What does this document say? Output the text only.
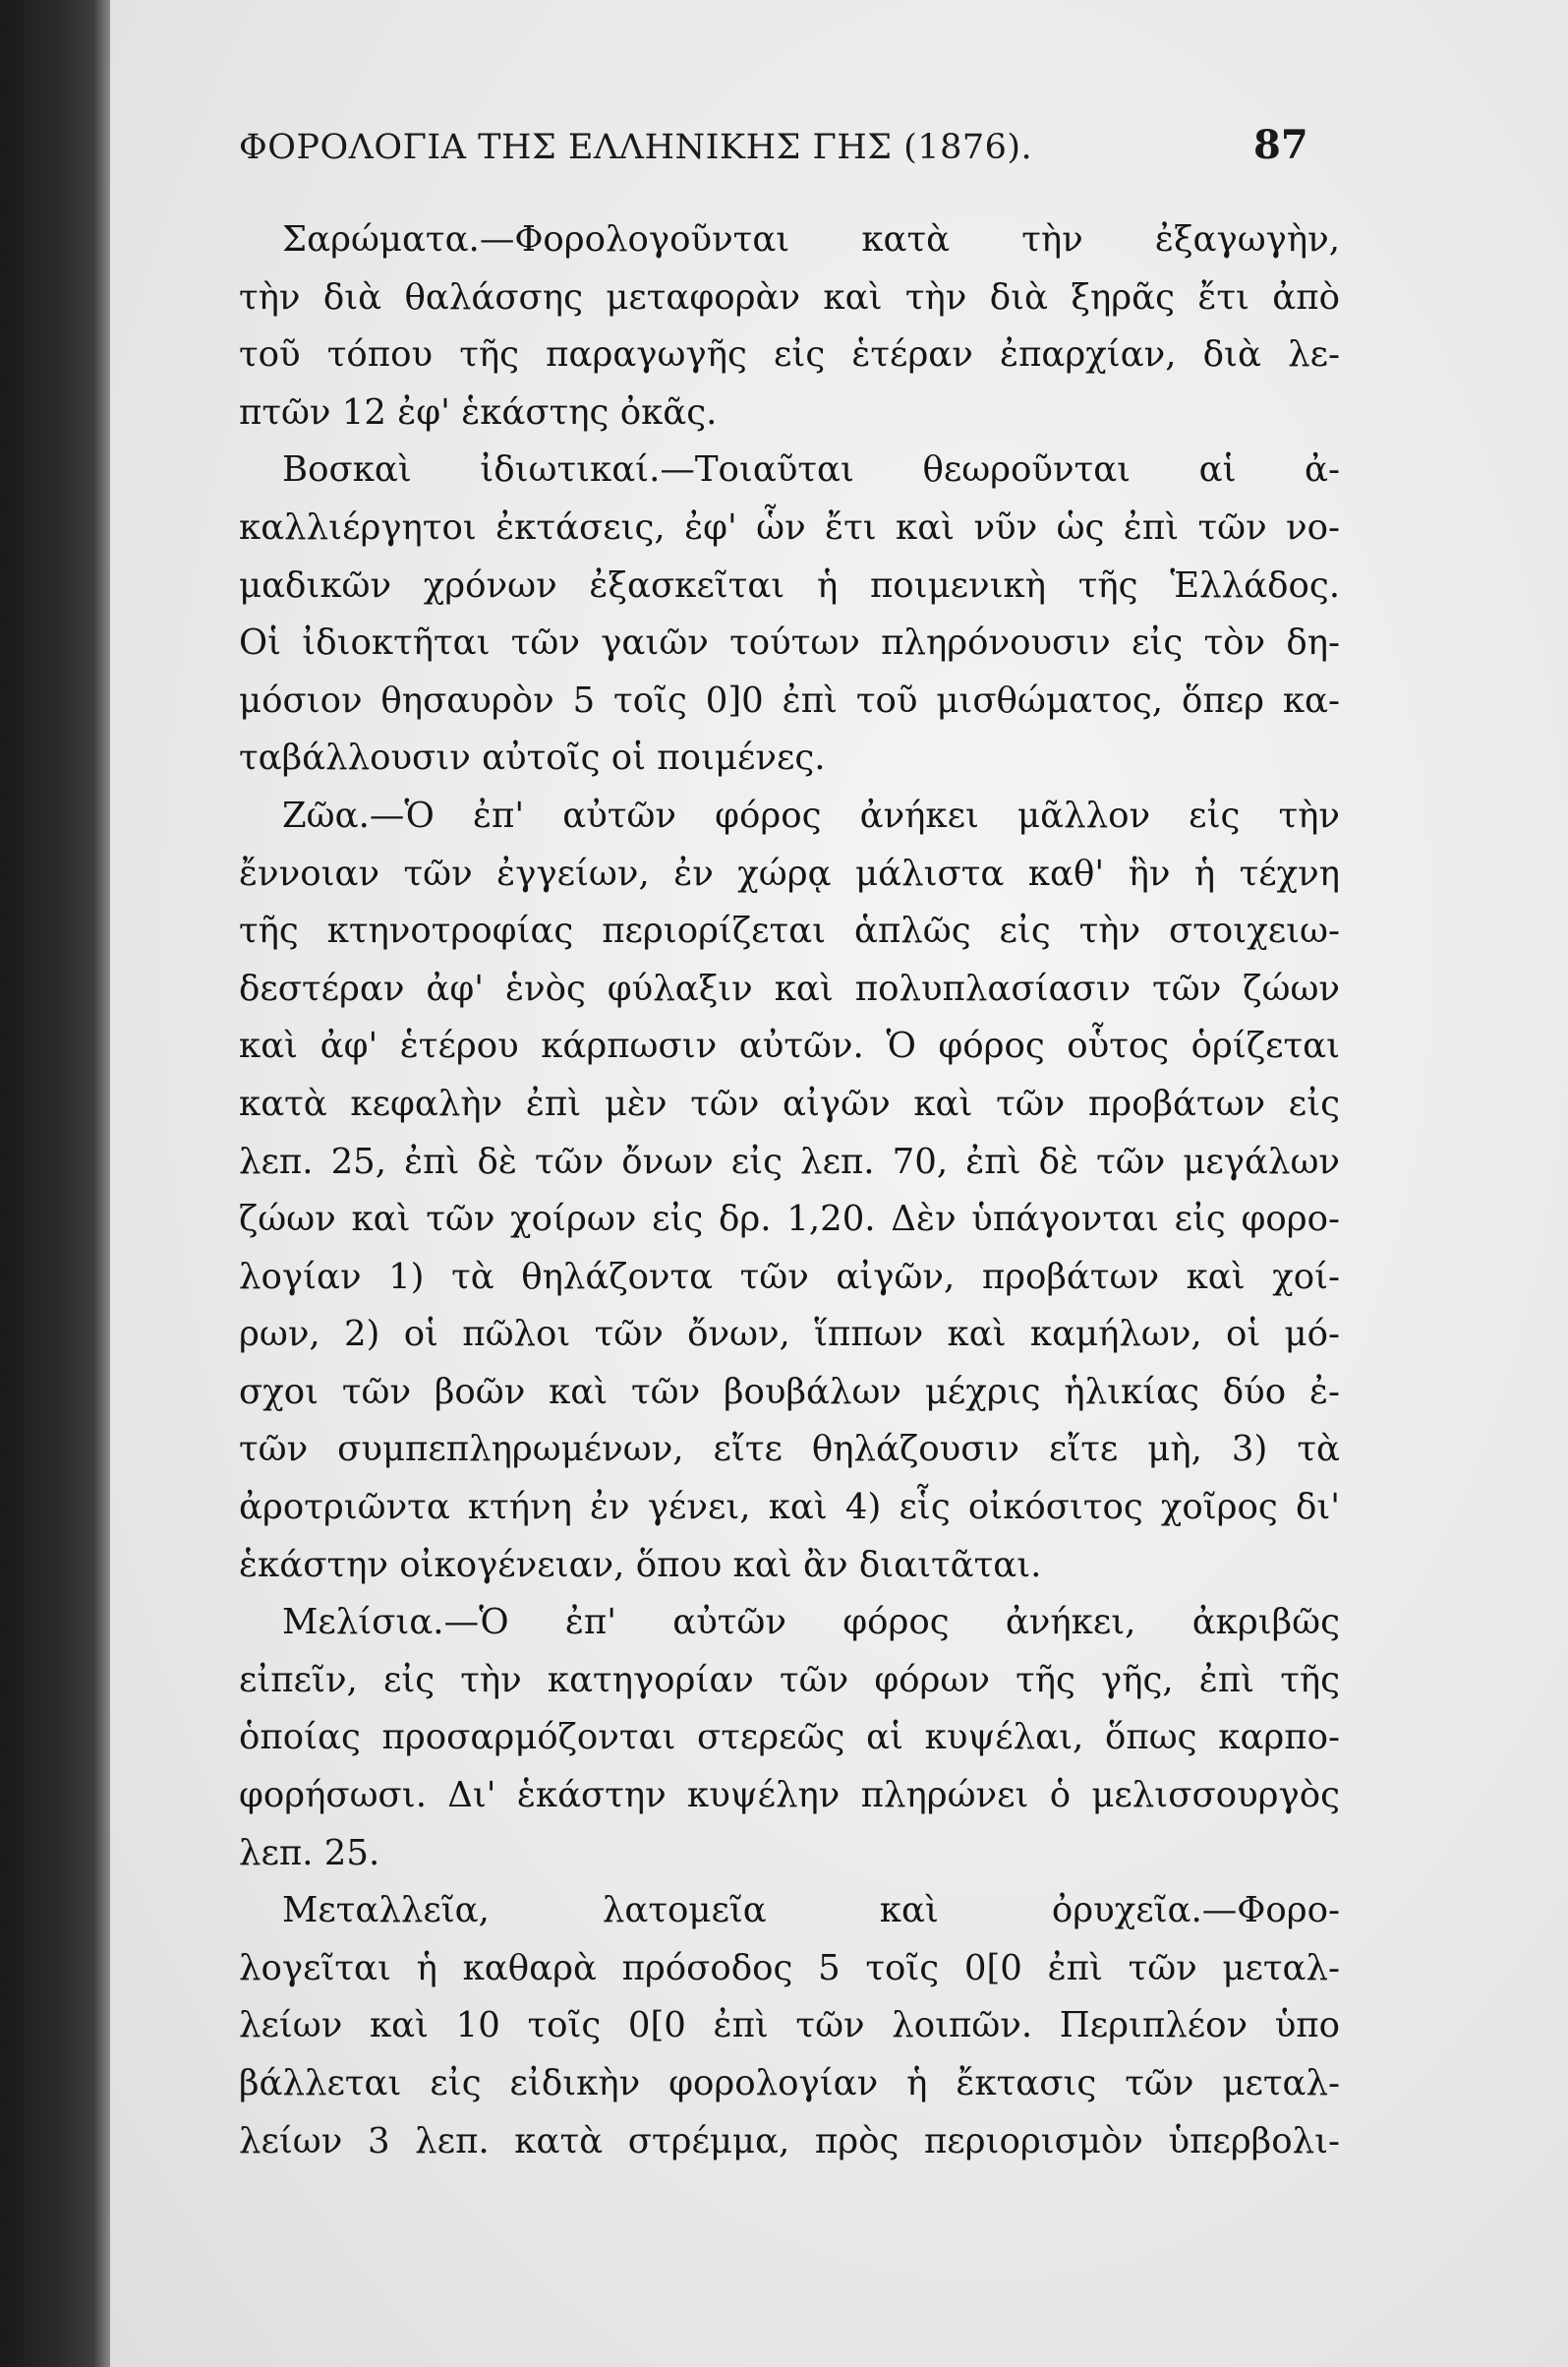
ΦΟΡΟΛΟΓΙΑ ΤΗΣ ΕΛΛΗΝΙΚΗΣ ΓΗΣ (1876).	87
Σαρώματα.—Φορολογοῦνται κατὰ τὴν ἐξαγωγὴν,
τὴν διὰ θαλάσσης μεταφορὰν καὶ τὴν διὰ ξηρᾶς ἔτι ἀπὸ
τοῦ τόπου τῆς παραγωγῆς εἰς ἑτέραν ἐπαρχίαν, διὰ λε-
πτῶν 12 ἐφ' ἑκάστης ὀκᾶς.
Βοσκαὶ ἰδιωτικαί.—Τοιαῦται θεωροῦνται αἱ ἀ-
καλλιέργητοι ἐκτάσεις, ἐφ' ὧν ἔτι καὶ νῦν ὡς ἐπὶ τῶν νο-
μαδικῶν χρόνων ἐξασκεῖται ἡ ποιμενικὴ τῆς Ἑλλάδος.
Οἱ ἰδιοκτῆται τῶν γαιῶν τούτων πληρόνουσιν εἰς τὸν δη-
μόσιον θησαυρὸν 5 τοῖς 0]0 ἐπὶ τοῦ μισθώματος, ὅπερ κα-
ταβάλλουσιν αὐτοῖς οἱ ποιμένες.
Ζῶα.—Ὁ ἐπ' αὐτῶν φόρος ἀνήκει μᾶλλον εἰς τὴν
ἔννοιαν τῶν ἐγγείων, ἐν χώρᾳ μάλιστα καθ' ἣν ἡ τέχνη
τῆς κτηνοτροφίας περιορίζεται ἁπλῶς εἰς τὴν στοιχειω-
δεστέραν ἀφ' ἑνὸς φύλαξιν καὶ πολυπλασίασιν τῶν ζώων
καὶ ἀφ' ἑτέρου κάρπωσιν αὐτῶν. Ὁ φόρος οὗτος ὁρίζεται
κατὰ κεφαλὴν ἐπὶ μὲν τῶν αἰγῶν καὶ τῶν προβάτων εἰς
λεπ. 25, ἐπὶ δὲ τῶν ὄνων εἰς λεπ. 70, ἐπὶ δὲ τῶν μεγάλων
ζώων καὶ τῶν χοίρων εἰς δρ. 1,20. Δὲν ὑπάγονται εἰς φορο-
λογίαν 1) τὰ θηλάζοντα τῶν αἰγῶν, προβάτων καὶ χοί-
ρων, 2) οἱ πῶλοι τῶν ὄνων, ἵππων καὶ καμήλων, οἱ μό-
σχοι τῶν βοῶν καὶ τῶν βουβάλων μέχρις ἡλικίας δύο ἐ-
τῶν συμπεπληρωμένων, εἴτε θηλάζουσιν εἴτε μὴ, 3) τὰ
ἀροτριῶντα κτήνη ἐν γένει, καὶ 4) εἷς οἰκόσιτος χοῖρος δι'
ἑκάστην οἰκογένειαν, ὅπου καὶ ἂν διαιτᾶται.
Μελίσια.—Ὁ ἐπ' αὐτῶν φόρος ἀνήκει, ἀκριβῶς
εἰπεῖν, εἰς τὴν κατηγορίαν τῶν φόρων τῆς γῆς, ἐπὶ τῆς
ὁποίας προσαρμόζονται στερεῶς αἱ κυψέλαι, ὅπως καρπο-
φορήσωσι. Δι' ἑκάστην κυψέλην πληρώνει ὁ μελισσουργὸς
λεπ. 25.
Μεταλλεῖα, λατομεῖα καὶ ὀρυχεῖα.—Φορο-
λογεῖται ἡ καθαρὰ πρόσοδος 5 τοῖς 0[0 ἐπὶ τῶν μεταλ-
λείων καὶ 10 τοῖς 0[0 ἐπὶ τῶν λοιπῶν. Περιπλέον ὑπο
βάλλεται εἰς εἰδικὴν φορολογίαν ἡ ἔκτασις τῶν μεταλ-
λείων 3 λεπ. κατὰ στρέμμα, πρὸς περιορισμὸν ὑπερβολι-
